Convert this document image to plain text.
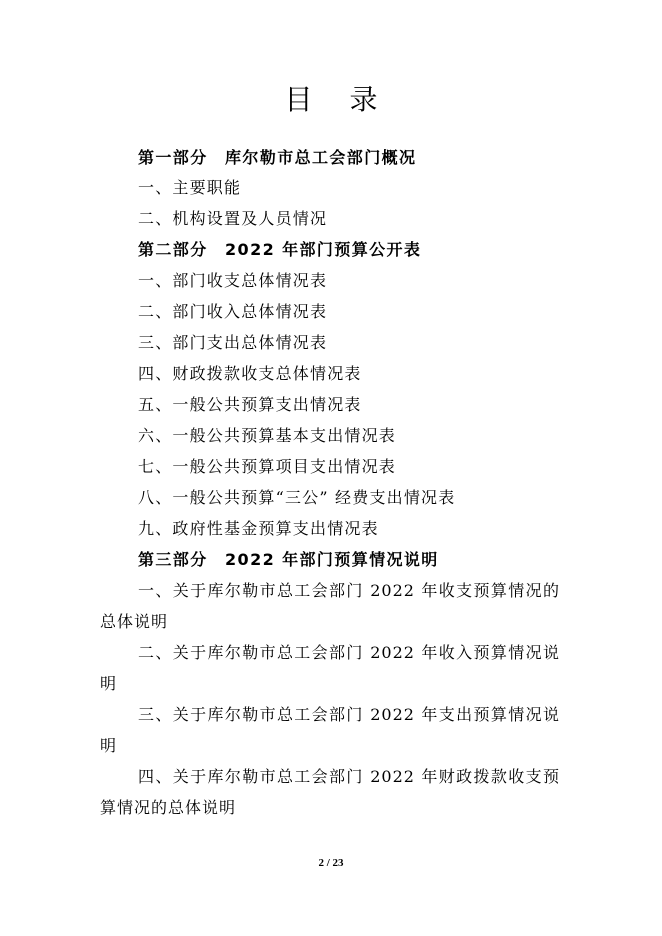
目 录
第一部分　库尔勒市总工会部门概况
一、主要职能
二、机构设置及人员情况
第二部分　2022 年部门预算公开表
一、部门收支总体情况表
二、部门收入总体情况表
三、部门支出总体情况表
四、财政拨款收支总体情况表
五、一般公共预算支出情况表
六、一般公共预算基本支出情况表
七、一般公共预算项目支出情况表
八、一般公共预算“三公” 经费支出情况表
九、政府性基金预算支出情况表
第三部分　2022 年部门预算情况说明
一、关于库尔勒市总工会部门 2022 年收支预算情况的总体说明
二、关于库尔勒市总工会部门 2022 年收入预算情况说明
三、关于库尔勒市总工会部门 2022 年支出预算情况说明
四、关于库尔勒市总工会部门 2022 年财政拨款收支预算情况的总体说明
2 / 23
